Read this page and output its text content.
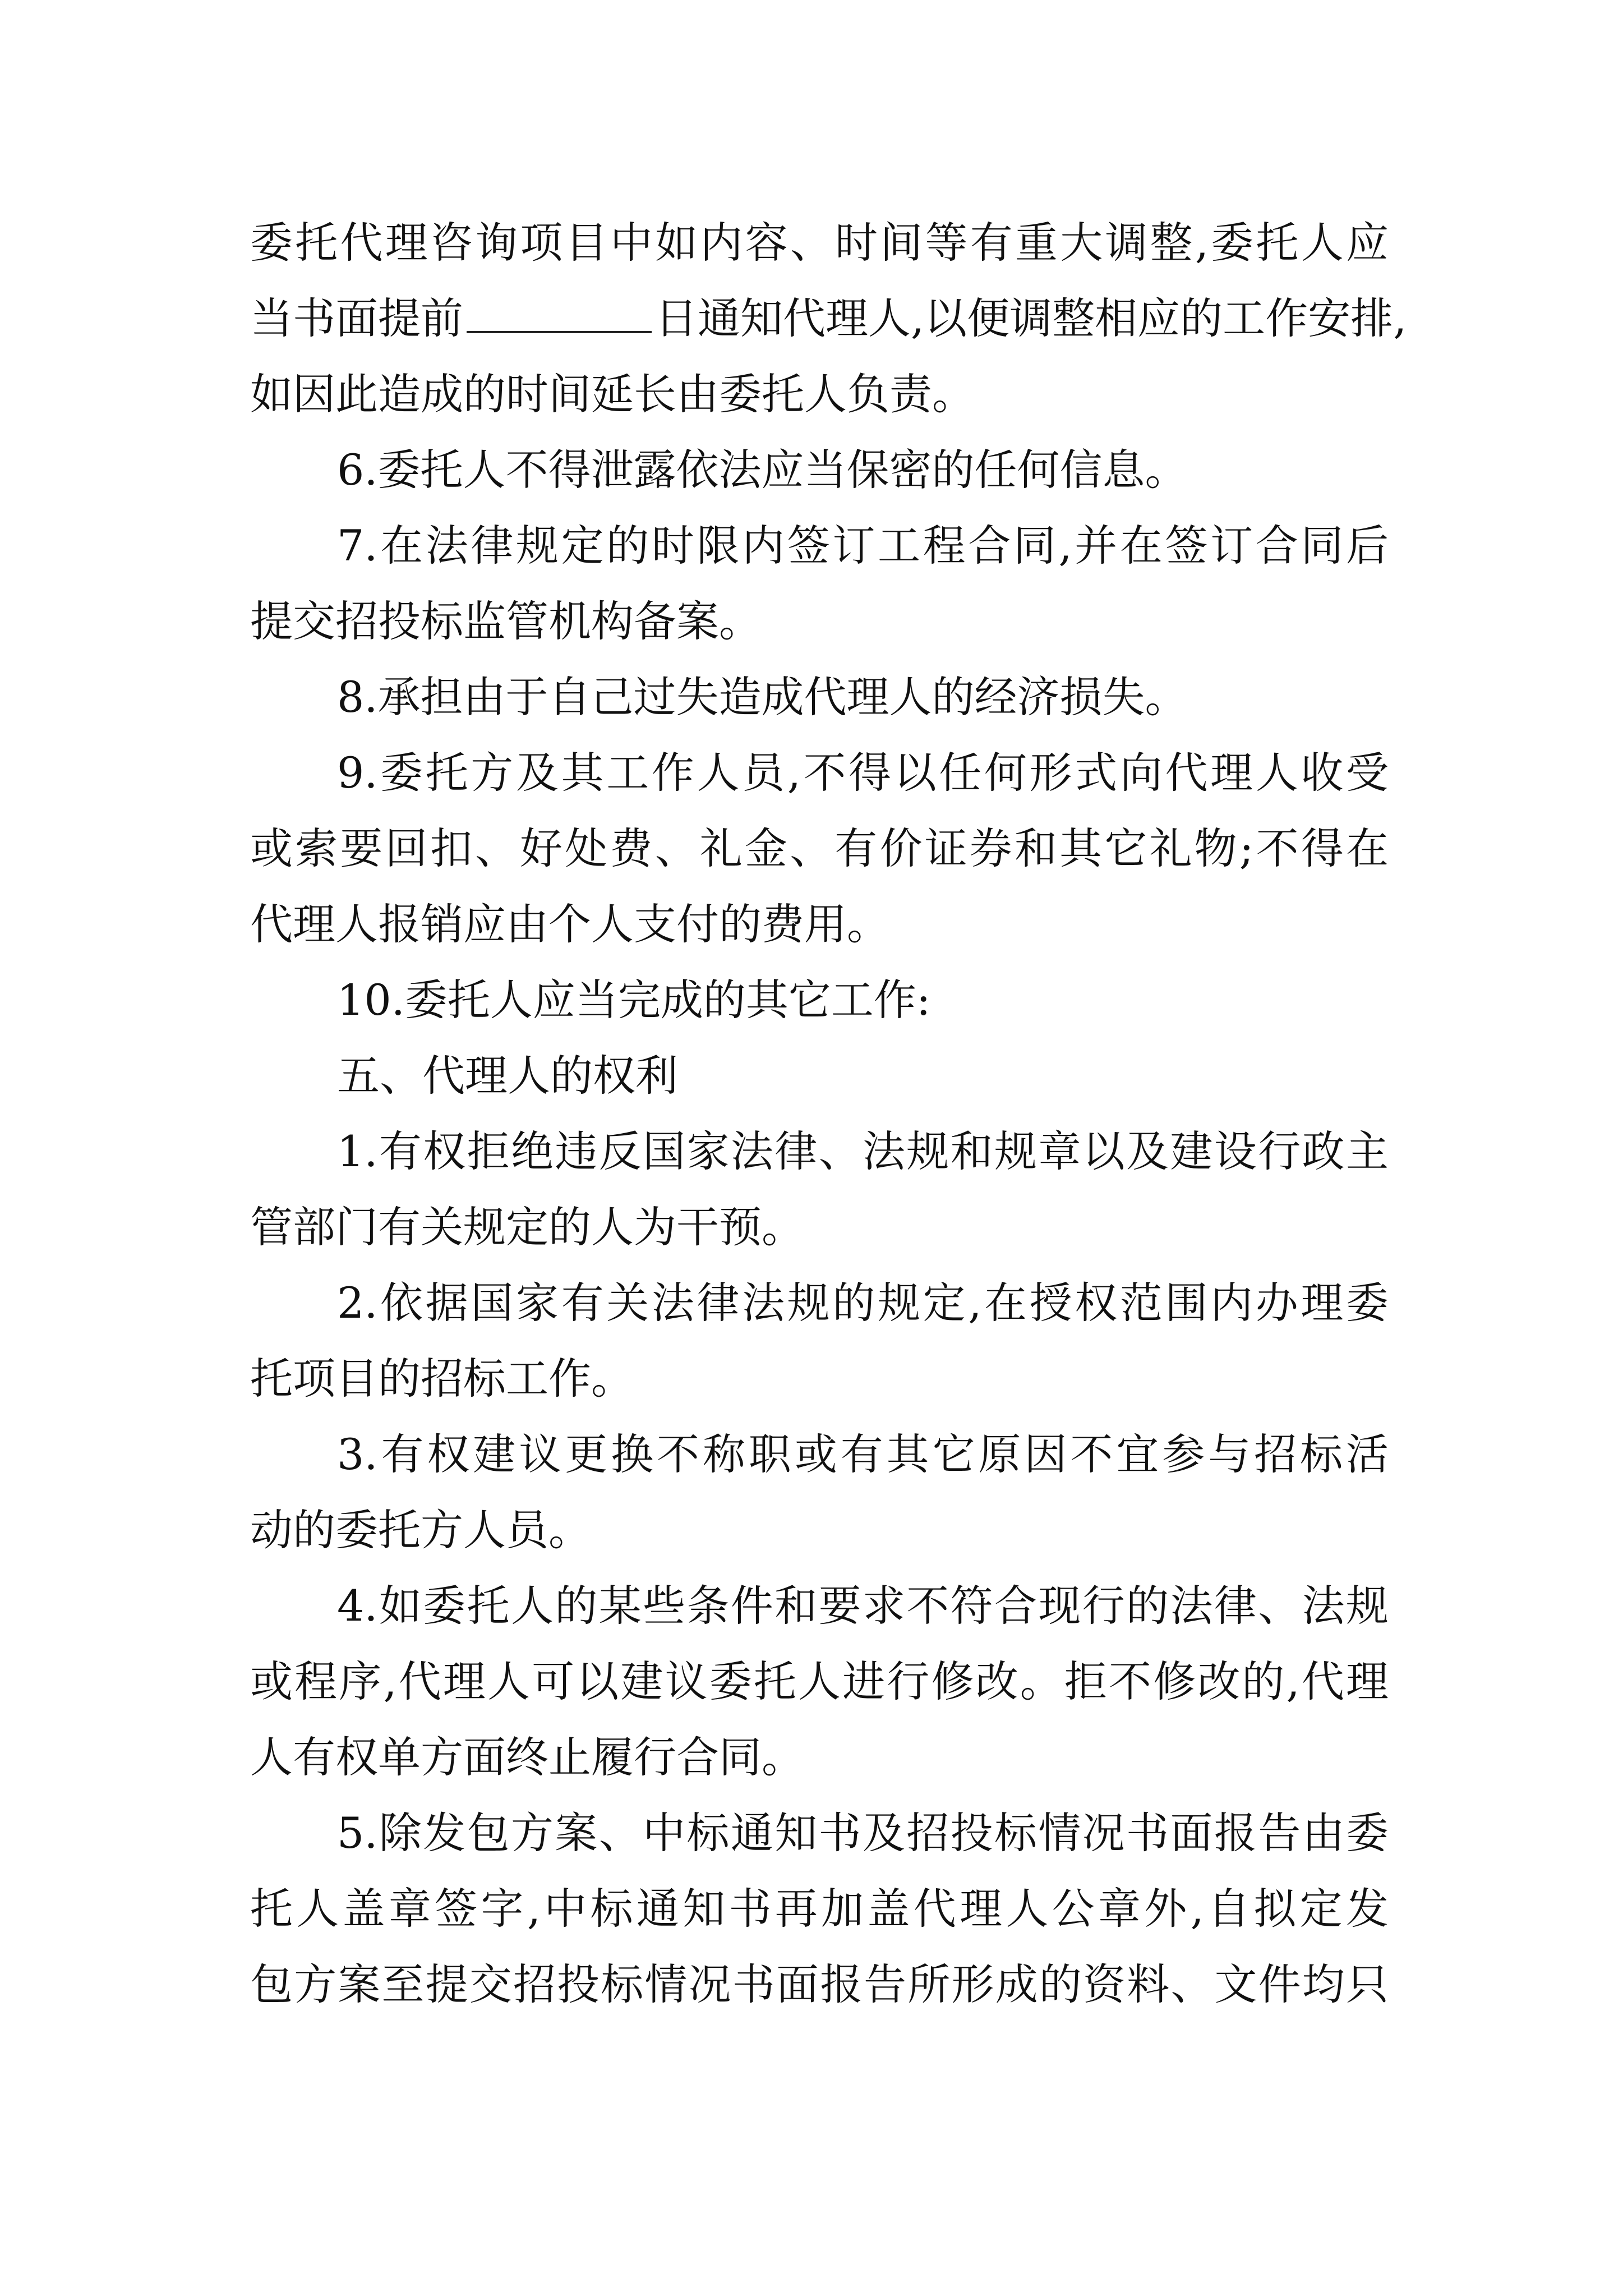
委托代理咨询项目中如内容、时间等有重大调整,委托人应
当书面提前	日通知代理人,以便调整相应的工作安排,
如因此造成的时间延长由委托人负责。
6.委托人不得泄露依法应当保密的任何信息。
7.在法律规定的时限内签订工程合同,并在签订合同后
提交招投标监管机构备案。
8.承担由于自己过失造成代理人的经济损失。
9.委托方及其工作人员,不得以任何形式向代理人收受
或索要回扣、好处费、礼金、有价证券和其它礼物;不得在
代理人报销应由个人支付的费用。
10.委托人应当完成的其它工作:
五、代理人的权利
1.有权拒绝违反国家法律、法规和规章以及建设行政主
管部门有关规定的人为干预。
2.依据国家有关法律法规的规定,在授权范围内办理委
托项目的招标工作。
3.有权建议更换不称职或有其它原因不宜参与招标活
动的委托方人员。
4.如委托人的某些条件和要求不符合现行的法律、法规
或程序,代理人可以建议委托人进行修改。拒不修改的,代理
人有权单方面终止履行合同。
5.除发包方案、中标通知书及招投标情况书面报告由委
托人盖章签字,中标通知书再加盖代理人公章外,自拟定发
包方案至提交招投标情况书面报告所形成的资料、文件均只
